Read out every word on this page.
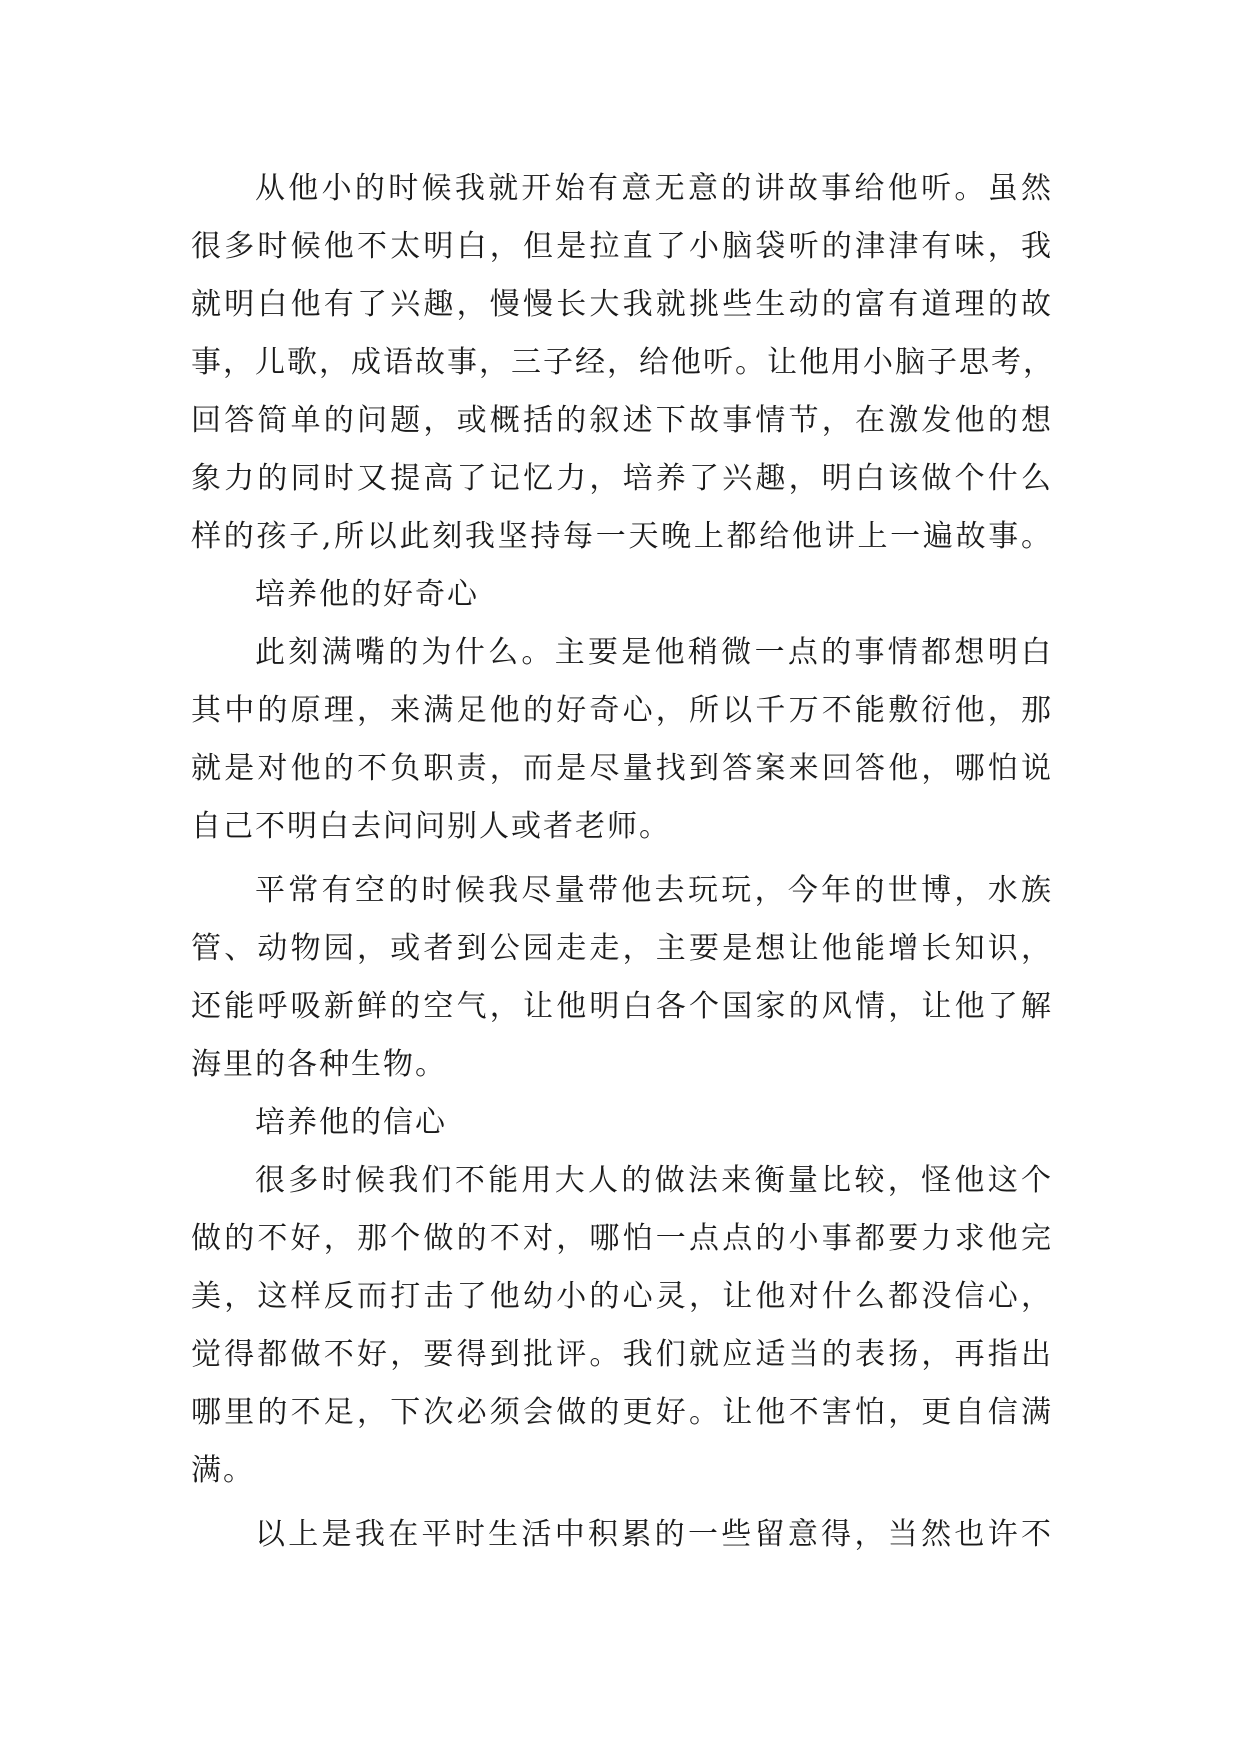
从他小的时候我就开始有意无意的讲故事给他听。虽然
很多时候他不太明白，但是拉直了小脑袋听的津津有味，我
就明白他有了兴趣，慢慢长大我就挑些生动的富有道理的故
事，儿歌，成语故事，三子经，给他听。让他用小脑子思考，
回答简单的问题，或概括的叙述下故事情节，在激发他的想
象力的同时又提高了记忆力，培养了兴趣，明白该做个什么
样的孩子,所以此刻我坚持每一天晚上都给他讲上一遍故事。
培养他的好奇心
此刻满嘴的为什么。主要是他稍微一点的事情都想明白
其中的原理，来满足他的好奇心，所以千万不能敷衍他，那
就是对他的不负职责，而是尽量找到答案来回答他，哪怕说
自己不明白去问问别人或者老师。
平常有空的时候我尽量带他去玩玩，今年的世博，水族
管、动物园，或者到公园走走，主要是想让他能增长知识，
还能呼吸新鲜的空气，让他明白各个国家的风情，让他了解
海里的各种生物。
培养他的信心
很多时候我们不能用大人的做法来衡量比较，怪他这个
做的不好，那个做的不对，哪怕一点点的小事都要力求他完
美，这样反而打击了他幼小的心灵，让他对什么都没信心，
觉得都做不好，要得到批评。我们就应适当的表扬，再指出
哪里的不足，下次必须会做的更好。让他不害怕，更自信满
满。
以上是我在平时生活中积累的一些留意得，当然也许不
